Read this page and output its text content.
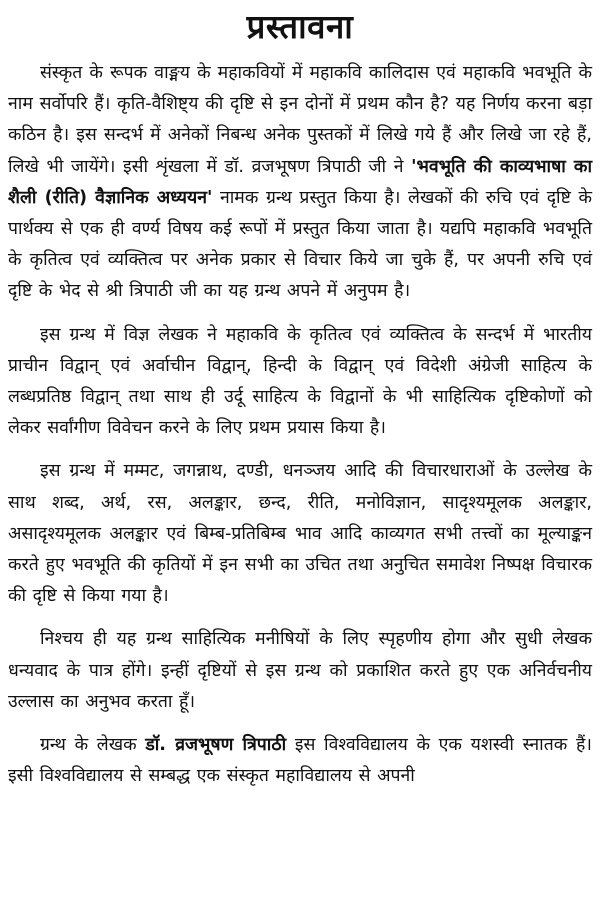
प्रस्तावना

संस्कृत के रूपक वाङ्मय के महाकवियों में महाकवि कालिदास एवं महाकवि भवभूति के नाम सर्वोपरि हैं। कृति-वैशिष्ट्य की दृष्टि से इन दोनों में प्रथम कौन है? यह निर्णय करना बड़ा कठिन है। इस सन्दर्भ में अनेकों निबन्ध अनेक पुस्तकों में लिखे गये हैं और लिखे जा रहे हैं, लिखे भी जायेंगे। इसी शृंखला में डॉ. व्रजभूषण त्रिपाठी जी ने 'भवभूति की काव्यभाषा का शैली (रीति) वैज्ञानिक अध्ययन' नामक ग्रन्थ प्रस्तुत किया है। लेखकों की रुचि एवं दृष्टि के पार्थक्य से एक ही वर्ण्य विषय कई रूपों में प्रस्तुत किया जाता है। यद्यपि महाकवि भवभूति के कृतित्व एवं व्यक्तित्व पर अनेक प्रकार से विचार किये जा चुके हैं, पर अपनी रुचि एवं दृष्टि के भेद से श्री त्रिपाठी जी का यह ग्रन्थ अपने में अनुपम है।

इस ग्रन्थ में विज्ञ लेखक ने महाकवि के कृतित्व एवं व्यक्तित्व के सन्दर्भ में भारतीय प्राचीन विद्वान् एवं अर्वाचीन विद्वान्, हिन्दी के विद्वान् एवं विदेशी अंग्रेजी साहित्य के लब्धप्रतिष्ठ विद्वान् तथा साथ ही उर्दू साहित्य के विद्वानों के भी साहित्यिक दृष्टिकोणों को लेकर सर्वांगीण विवेचन करने के लिए प्रथम प्रयास किया है।

इस ग्रन्थ में मम्मट, जगन्नाथ, दण्डी, धनञ्जय आदि की विचारधाराओं के उल्लेख के साथ शब्द, अर्थ, रस, अलङ्कार, छन्द, रीति, मनोविज्ञान, सादृश्यमूलक अलङ्कार, असादृश्यमूलक अलङ्कार एवं बिम्ब-प्रतिबिम्ब भाव आदि काव्यगत सभी तत्त्वों का मूल्याङ्कन करते हुए भवभूति की कृतियों में इन सभी का उचित तथा अनुचित समावेश निष्पक्ष विचारक की दृष्टि से किया गया है।

निश्चय ही यह ग्रन्थ साहित्यिक मनीषियों के लिए स्पृहणीय होगा और सुधी लेखक धन्यवाद के पात्र होंगे। इन्हीं दृष्टियों से इस ग्रन्थ को प्रकाशित करते हुए एक अनिर्वचनीय उल्लास का अनुभव करता हूँ।

ग्रन्थ के लेखक डॉ. व्रजभूषण त्रिपाठी इस विश्वविद्यालय के एक यशस्वी स्नातक हैं। इसी विश्वविद्यालय से सम्बद्ध एक संस्कृत महाविद्यालय से अपनी
